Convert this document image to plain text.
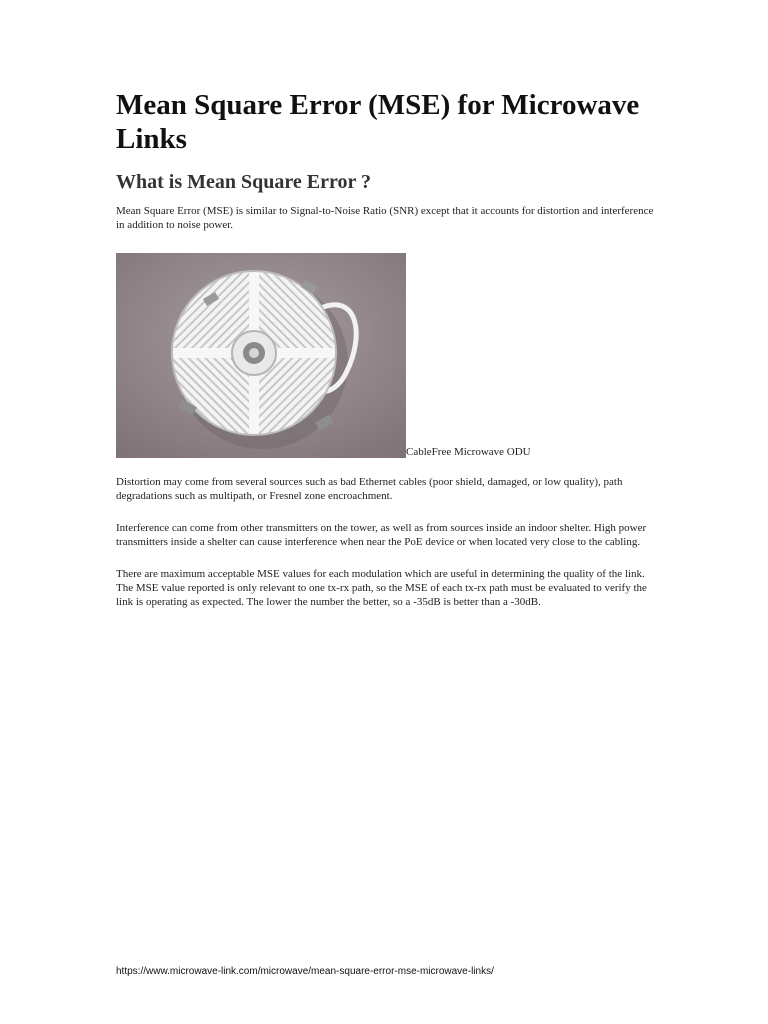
Mean Square Error (MSE) for Microwave Links
What is Mean Square Error ?

Mean Square Error (MSE) is similar to Signal-to-Noise Ratio (SNR) except that it accounts for distortion and interference in addition to noise power.

CableFree Microwave ODU

Distortion may come from several sources such as bad Ethernet cables (poor shield, damaged, or low quality), path degradations such as multipath, or Fresnel zone encroachment.

Interference can come from other transmitters on the tower, as well as from sources inside an indoor shelter. High power transmitters inside a shelter can cause interference when near the PoE device or when located very close to the cabling.

There are maximum acceptable MSE values for each modulation which are useful in determining the quality of the link. The MSE value reported is only relevant to one tx-rx path, so the MSE of each tx-rx path must be evaluated to verify the link is operating as expected. The lower the number the better, so a -35dB is better than a -30dB.

https://www.microwave-link.com/microwave/mean-square-error-mse-microwave-links/
